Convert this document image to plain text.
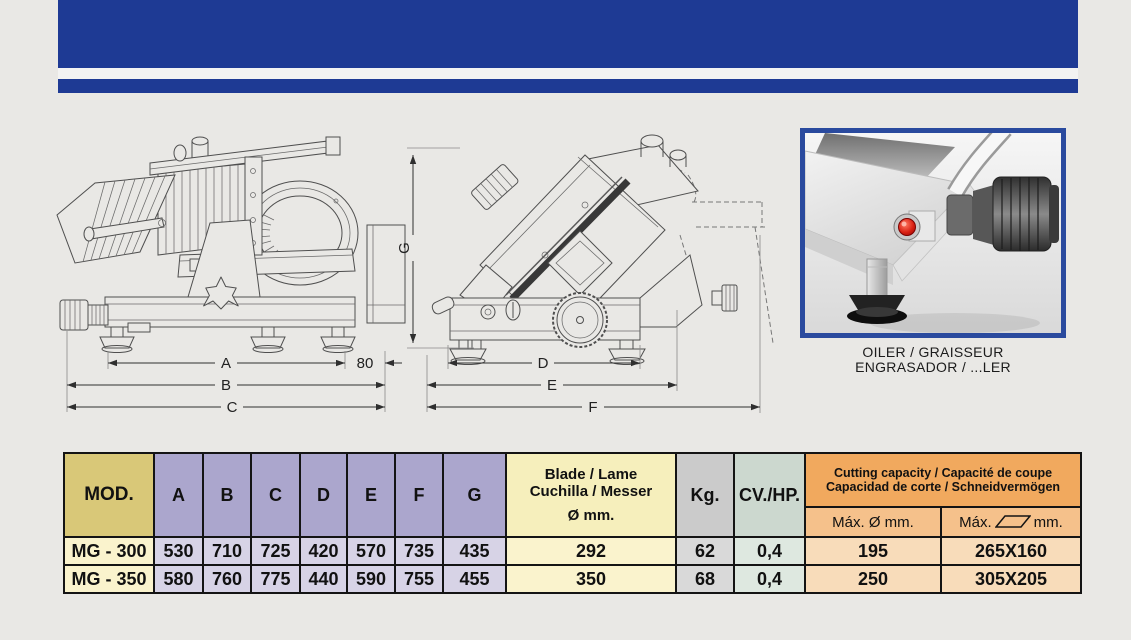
A	80
B
C
G
D
E
F
OILER / GRAISSEUR
ENGRASADOR / ...LER
MOD.	A	B	C	D	E	F	G	
Blade / Lame
Cuchilla / Messer
Ø mm.
	Kg.	CV./HP.	
Cutting capacity / Capacité de coupe
Capacidad de corte / Schneidvermögen

											Máx. Ø mm.	Máx. mm.
MG - 300	530	710	725	420	570	735	435	292	62	0,4	195	265X160
MG - 350	580	760	775	440	590	755	455	350	68	0,4	250	305X205
